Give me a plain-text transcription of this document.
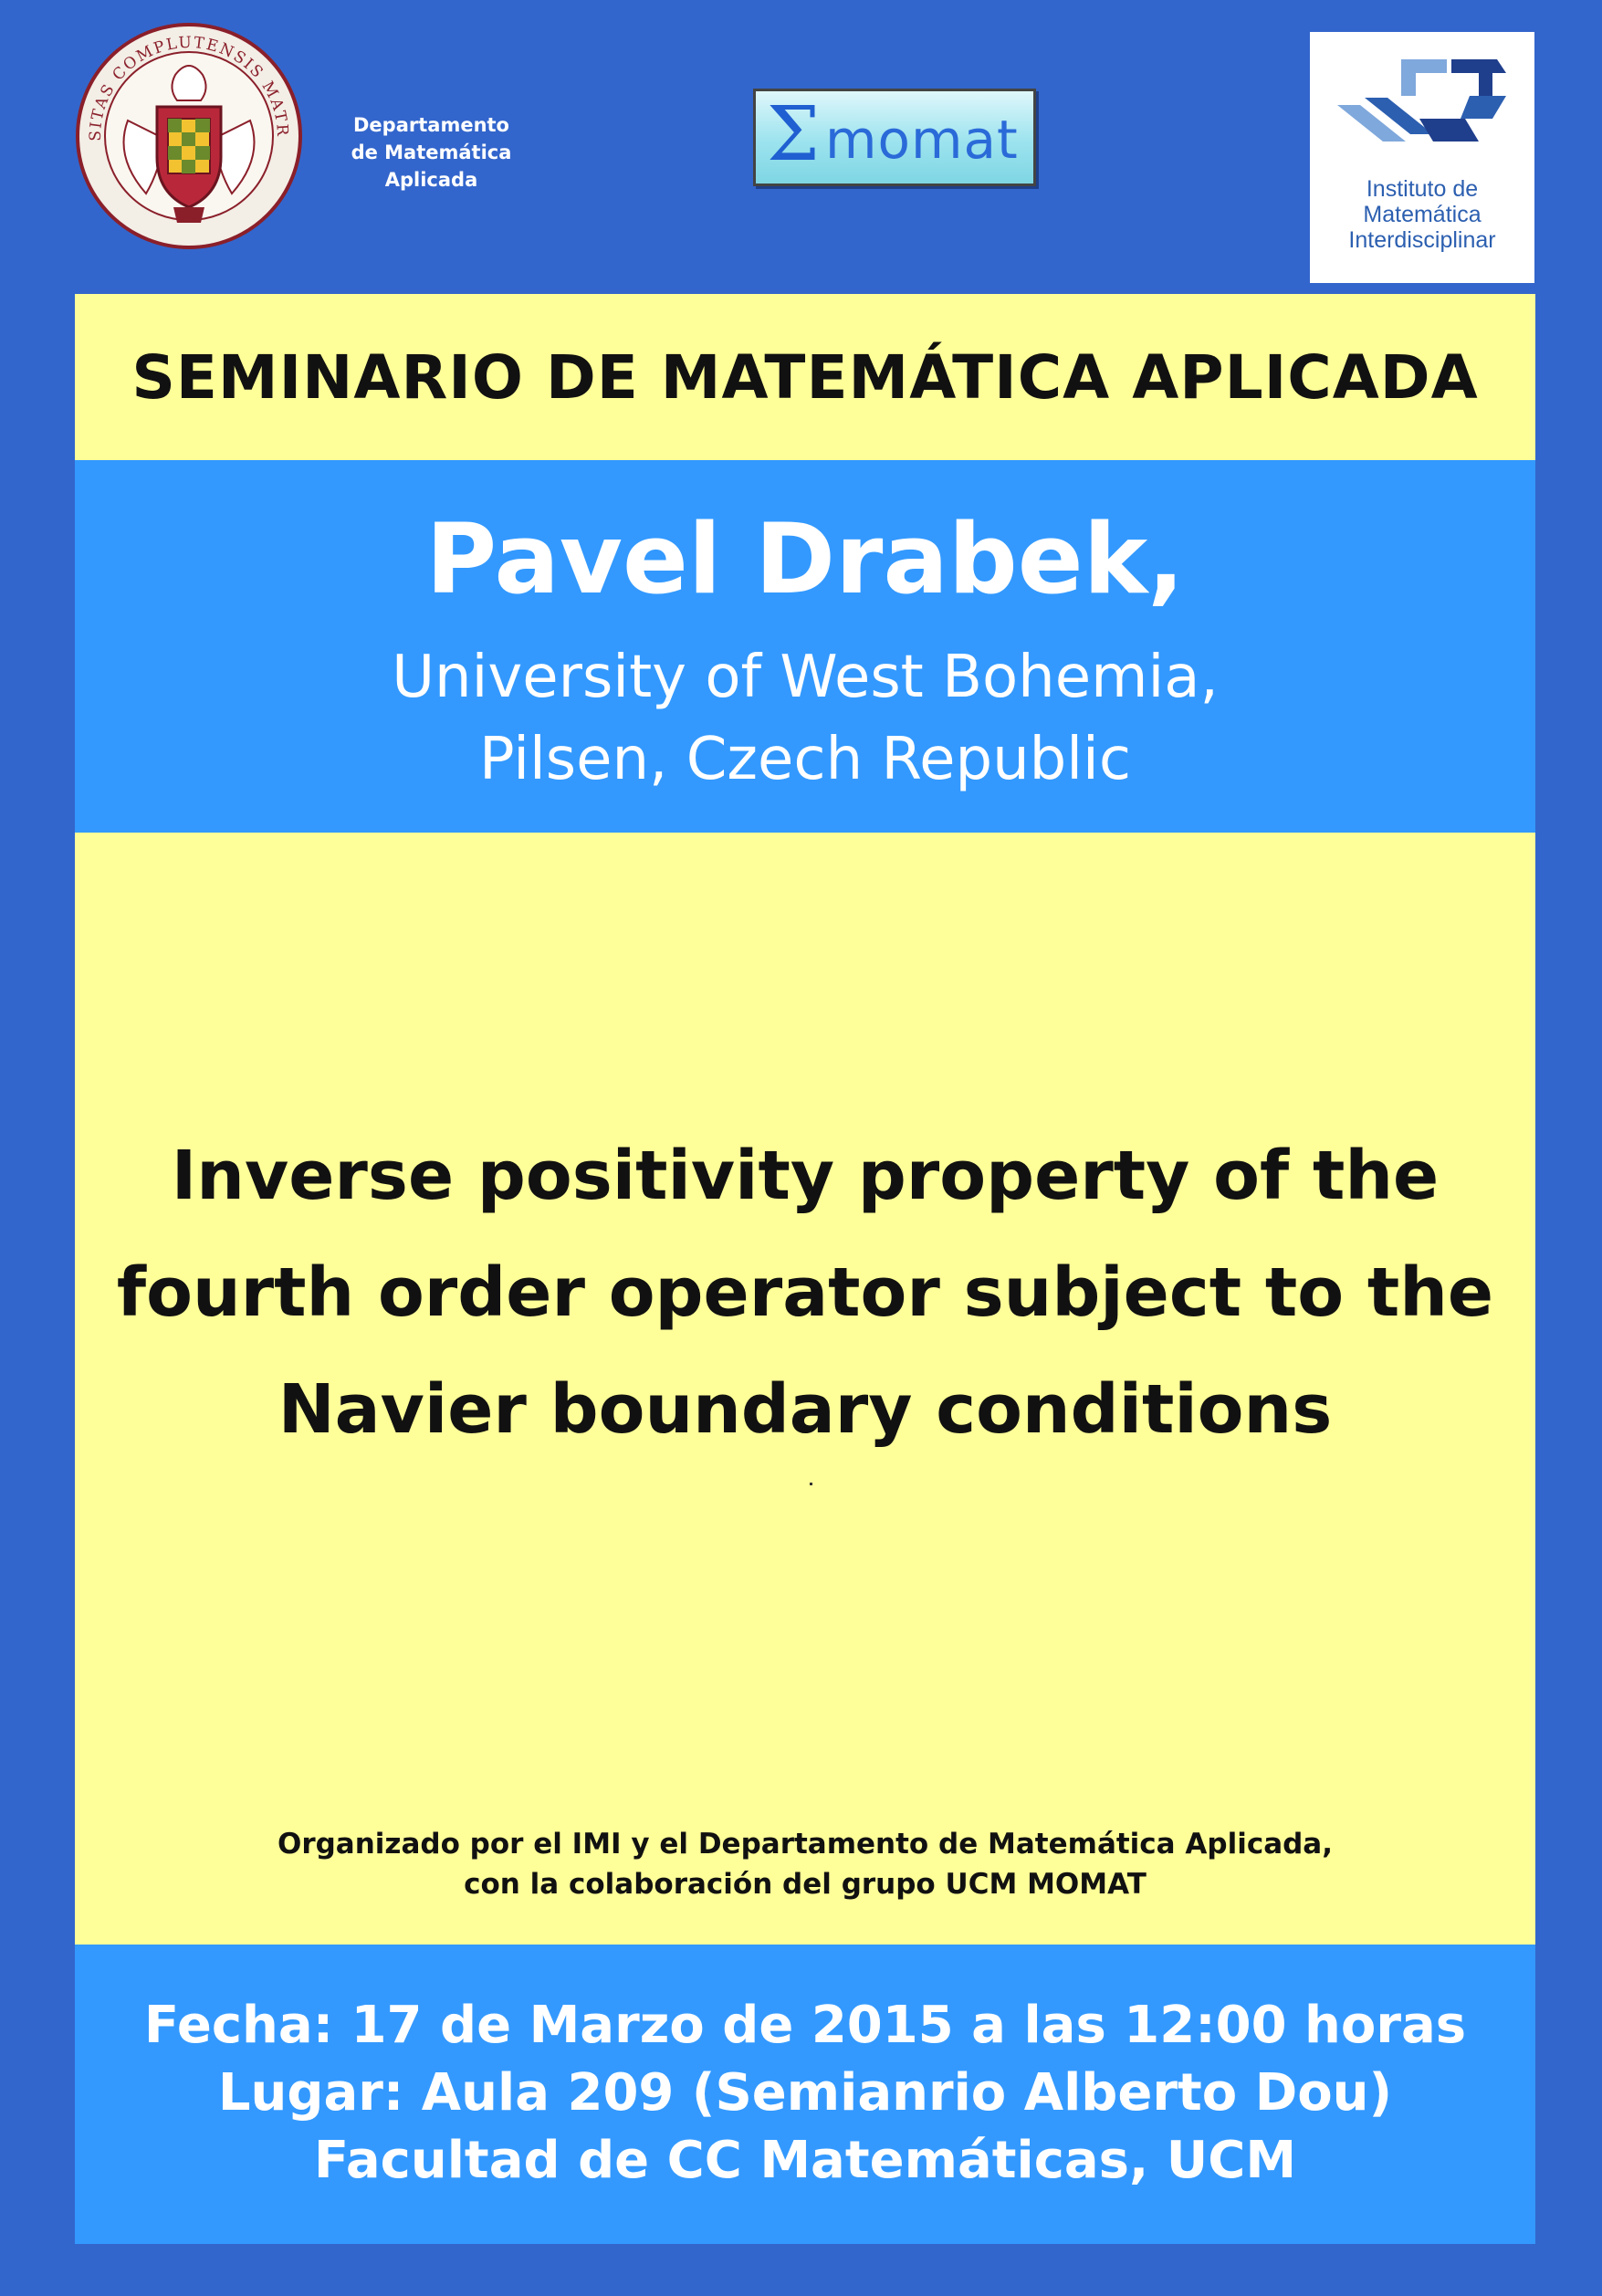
SITAS COMPLUTENSIS MATR	Departamento
de Matemática
Aplicada
Σ momat
Instituto de
Matemática
Interdisciplinar
SEMINARIO DE MATEMÁTICA APLICADA
Pavel Drabek,
University of West Bohemia,
Pilsen, Czech Republic
Inverse positivity property of the
fourth order operator subject to the
Navier boundary conditions
Organizado por el IMI y el Departamento de Matemática Aplicada,
con la colaboración del grupo UCM MOMAT
Fecha: 17 de Marzo de 2015 a las 12:00 horas
Lugar: Aula 209 (Semianrio Alberto Dou)
Facultad de CC Matemáticas, UCM
